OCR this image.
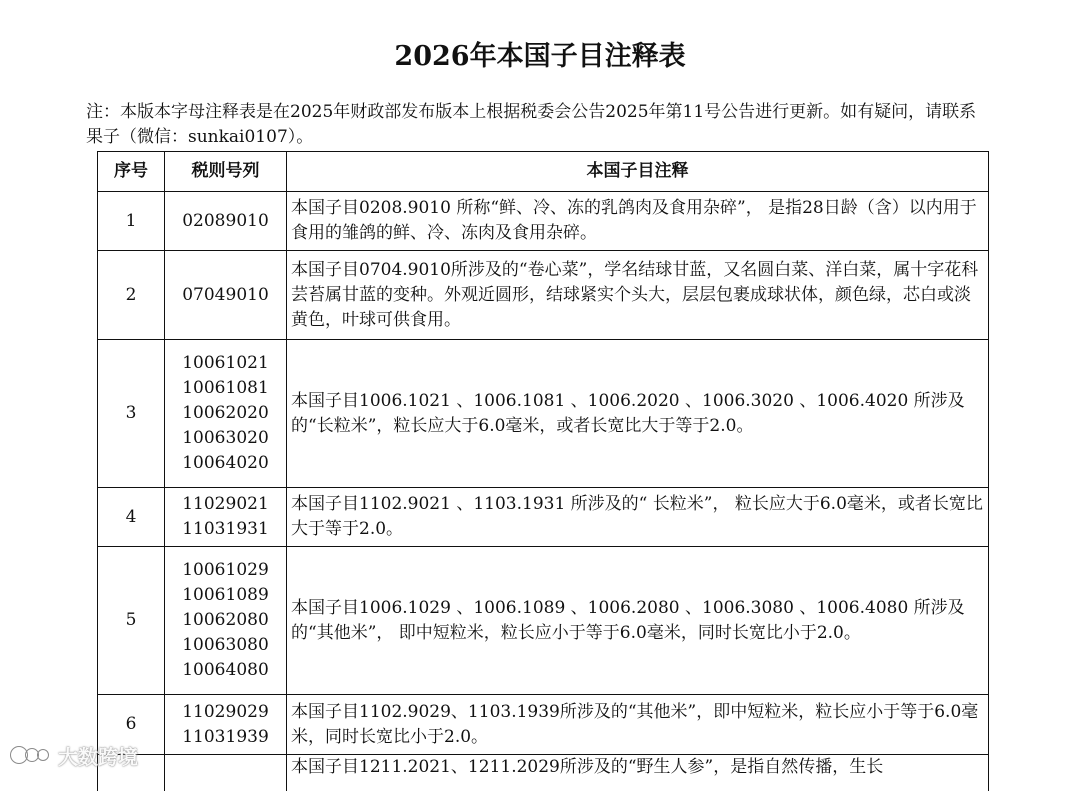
2026年本国子目注释表
注：本版本字母注释表是在2025年财政部发布版本上根据税委会公告2025年第11号公告进行更新。如有疑问，请联系果子（微信：sunkai0107）。
序号	税则号列	本国子目注释
1	02089010	本国子目0208.9010 所称“鲜、冷、冻的乳鸽肉及食用杂碎”， 是指28日龄（含）以内用于食用的雏鸽的鲜、冷、冻肉及食用杂碎。
2	07049010	本国子目0704.9010所涉及的“卷心菜”，学名结球甘蓝，又名圆白菜、洋白菜，属十字花科芸苔属甘蓝的变种。外观近圆形，结球紧实个头大，层层包裹成球状体，颜色绿，芯白或淡黄色，叶球可供食用。
3	10061021
10061081
10062020
10063020
10064020	本国子目1006.1021 、1006.1081 、1006.2020 、1006.3020 、1006.4020 所涉及的“长粒米”，粒长应大于6.0毫米，或者长宽比大于等于2.0。
4	11029021
11031931	本国子目1102.9021 、1103.1931 所涉及的“ 长粒米”， 粒长应大于6.0毫米，或者长宽比大于等于2.0。
5	10061029
10061089
10062080
10063080
10064080	本国子目1006.1029 、1006.1089 、1006.2080 、1006.3080 、1006.4080 所涉及的“其他米”， 即中短粒米，粒长应小于等于6.0毫米，同时长宽比小于2.0。
6	11029029
11031939	本国子目1102.9029、1103.1939所涉及的“其他米”，即中短粒米，粒长应小于等于6.0毫米，同时长宽比小于2.0。
		本国子目1211.2021、1211.2029所涉及的“野生人参”，是指自然传播，生长
大数跨境
